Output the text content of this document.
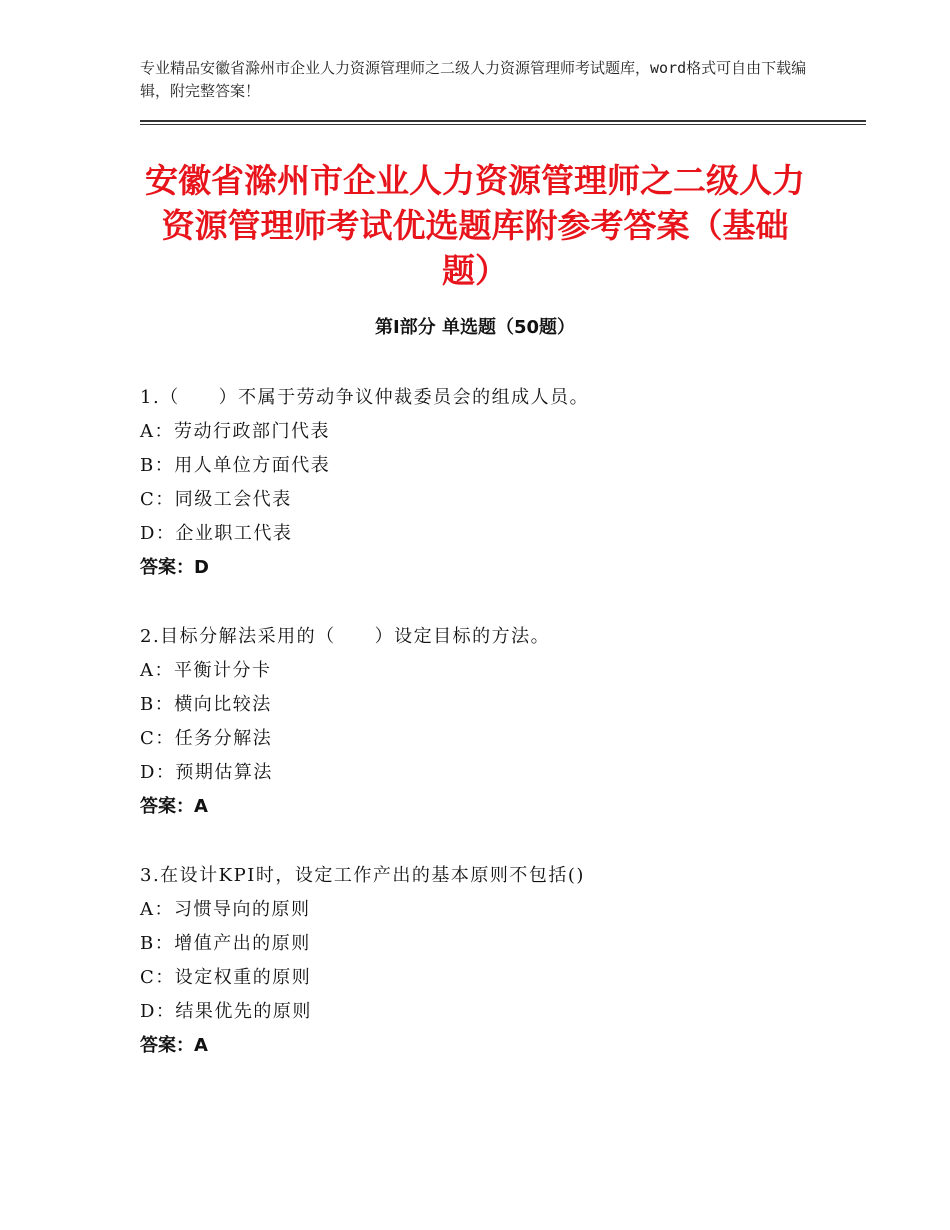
专业精品安徽省滁州市企业人力资源管理师之二级人力资源管理师考试题库，word格式可自由下载编辑，附完整答案！
安徽省滁州市企业人力资源管理师之二级人力资源管理师考试优选题库附参考答案（基础题）
第Ⅰ部分 单选题（50题）
1.（　　）不属于劳动争议仲裁委员会的组成人员。
A：劳动行政部门代表
B：用人单位方面代表
C：同级工会代表
D：企业职工代表
答案：D
2.目标分解法采用的（　　）设定目标的方法。
A：平衡计分卡
B：横向比较法
C：任务分解法
D：预期估算法
答案：A
3.在设计KPI时，设定工作产出的基本原则不包括()
A：习惯导向的原则
B：增值产出的原则
C：设定权重的原则
D：结果优先的原则
答案：A
